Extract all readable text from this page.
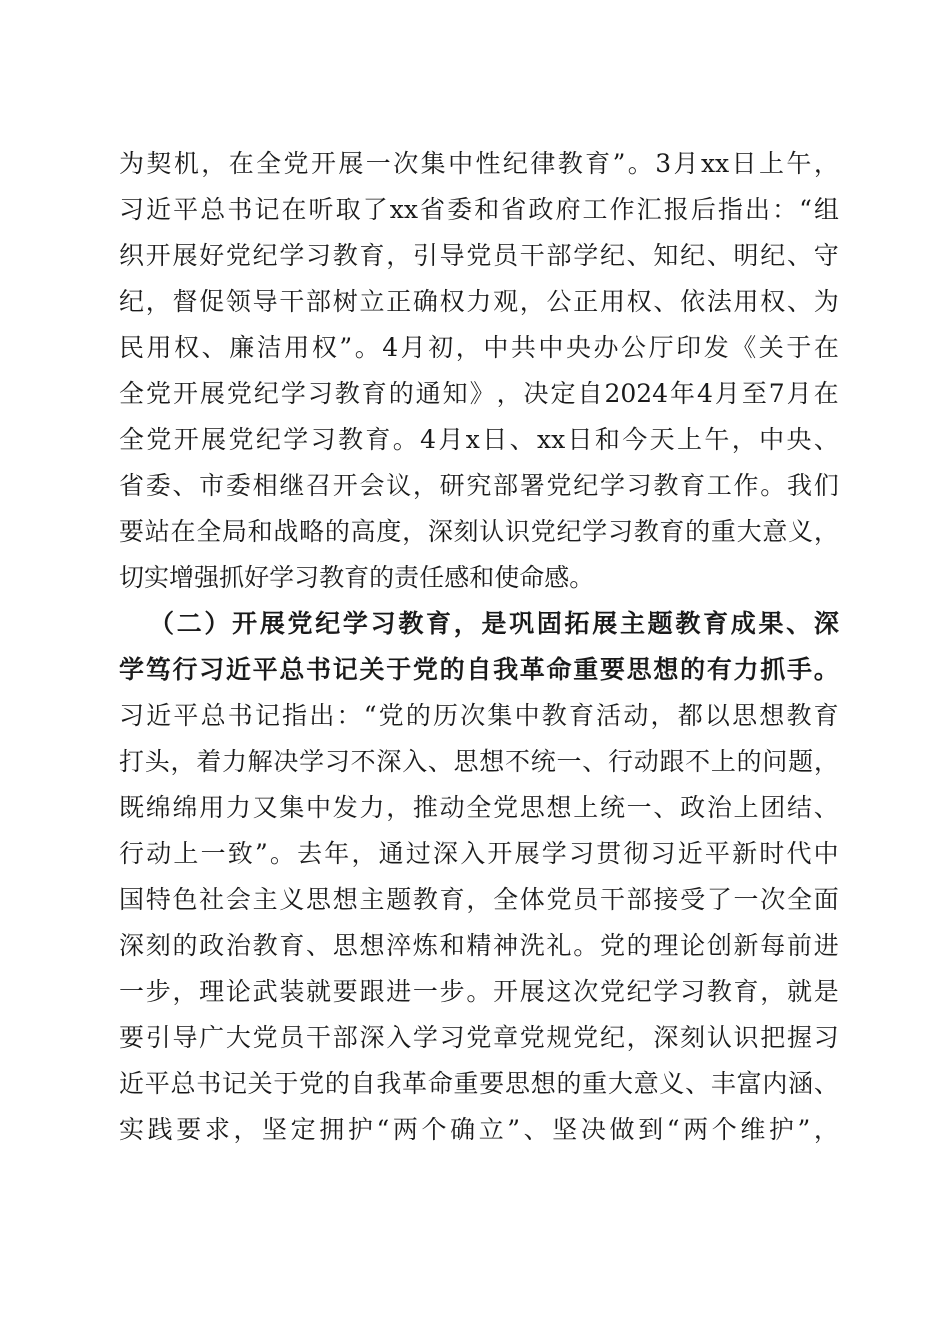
为 契 机 ， 在 全 党 开 展 一 次 集 中 性 纪 律 教 育 ” 。 3 月 xx 日 上 午 ，
习 近 平 总 书 记 在 听 取 了 xx 省 委 和 省 政 府 工 作 汇 报 后 指 出 ： “ 组
织 开 展 好 党 纪 学 习 教 育 ， 引 导 党 员 干 部 学 纪 、 知 纪 、 明 纪 、 守
纪 ， 督 促 领 导 干 部 树 立 正 确 权 力 观 ， 公 正 用 权 、 依 法 用 权 、 为
民 用 权 、 廉 洁 用 权 ” 。 4 月 初 ， 中 共 中 央 办 公 厅 印 发 《 关 于 在
全 党 开 展 党 纪 学 习 教 育 的 通 知 》 ， 决 定 自 2024 年 4 月 至 7 月 在
全 党 开 展 党 纪 学 习 教 育 。 4 月 x 日 、 xx 日 和 今 天 上 午 ， 中 央 、
省 委 、 市 委 相 继 召 开 会 议 ， 研 究 部 署 党 纪 学 习 教 育 工 作 。 我 们
要 站 在 全 局 和 战 略 的 高 度 ， 深 刻 认 识 党 纪 学 习 教 育 的 重 大 意 义 ，
切 实 增 强 抓 好 学 习 教 育 的 责 任 感 和 使 命 感 。
（ 二 ） 开 展 党 纪 学 习 教 育 ， 是 巩 固 拓 展 主 题 教 育 成 果 、 深
学 笃 行 习 近 平 总 书 记 关 于 党 的 自 我 革 命 重 要 思 想 的 有 力 抓 手 。
习 近 平 总 书 记 指 出 ： “ 党 的 历 次 集 中 教 育 活 动 ， 都 以 思 想 教 育
打 头 ， 着 力 解 决 学 习 不 深 入 、 思 想 不 统 一 、 行 动 跟 不 上 的 问 题 ，
既 绵 绵 用 力 又 集 中 发 力 ， 推 动 全 党 思 想 上 统 一 、 政 治 上 团 结 、
行 动 上 一 致 ” 。 去 年 ， 通 过 深 入 开 展 学 习 贯 彻 习 近 平 新 时 代 中
国 特 色 社 会 主 义 思 想 主 题 教 育 ， 全 体 党 员 干 部 接 受 了 一 次 全 面
深 刻 的 政 治 教 育 、 思 想 淬 炼 和 精 神 洗 礼 。 党 的 理 论 创 新 每 前 进
一 步 ， 理 论 武 装 就 要 跟 进 一 步 。 开 展 这 次 党 纪 学 习 教 育 ， 就 是
要 引 导 广 大 党 员 干 部 深 入 学 习 党 章 党 规 党 纪 ， 深 刻 认 识 把 握 习
近 平 总 书 记 关 于 党 的 自 我 革 命 重 要 思 想 的 重 大 意 义 、 丰 富 内 涵 、
实 践 要 求 ， 坚 定 拥 护 “ 两 个 确 立 ” 、 坚 决 做 到 “ 两 个 维 护 ” ，
